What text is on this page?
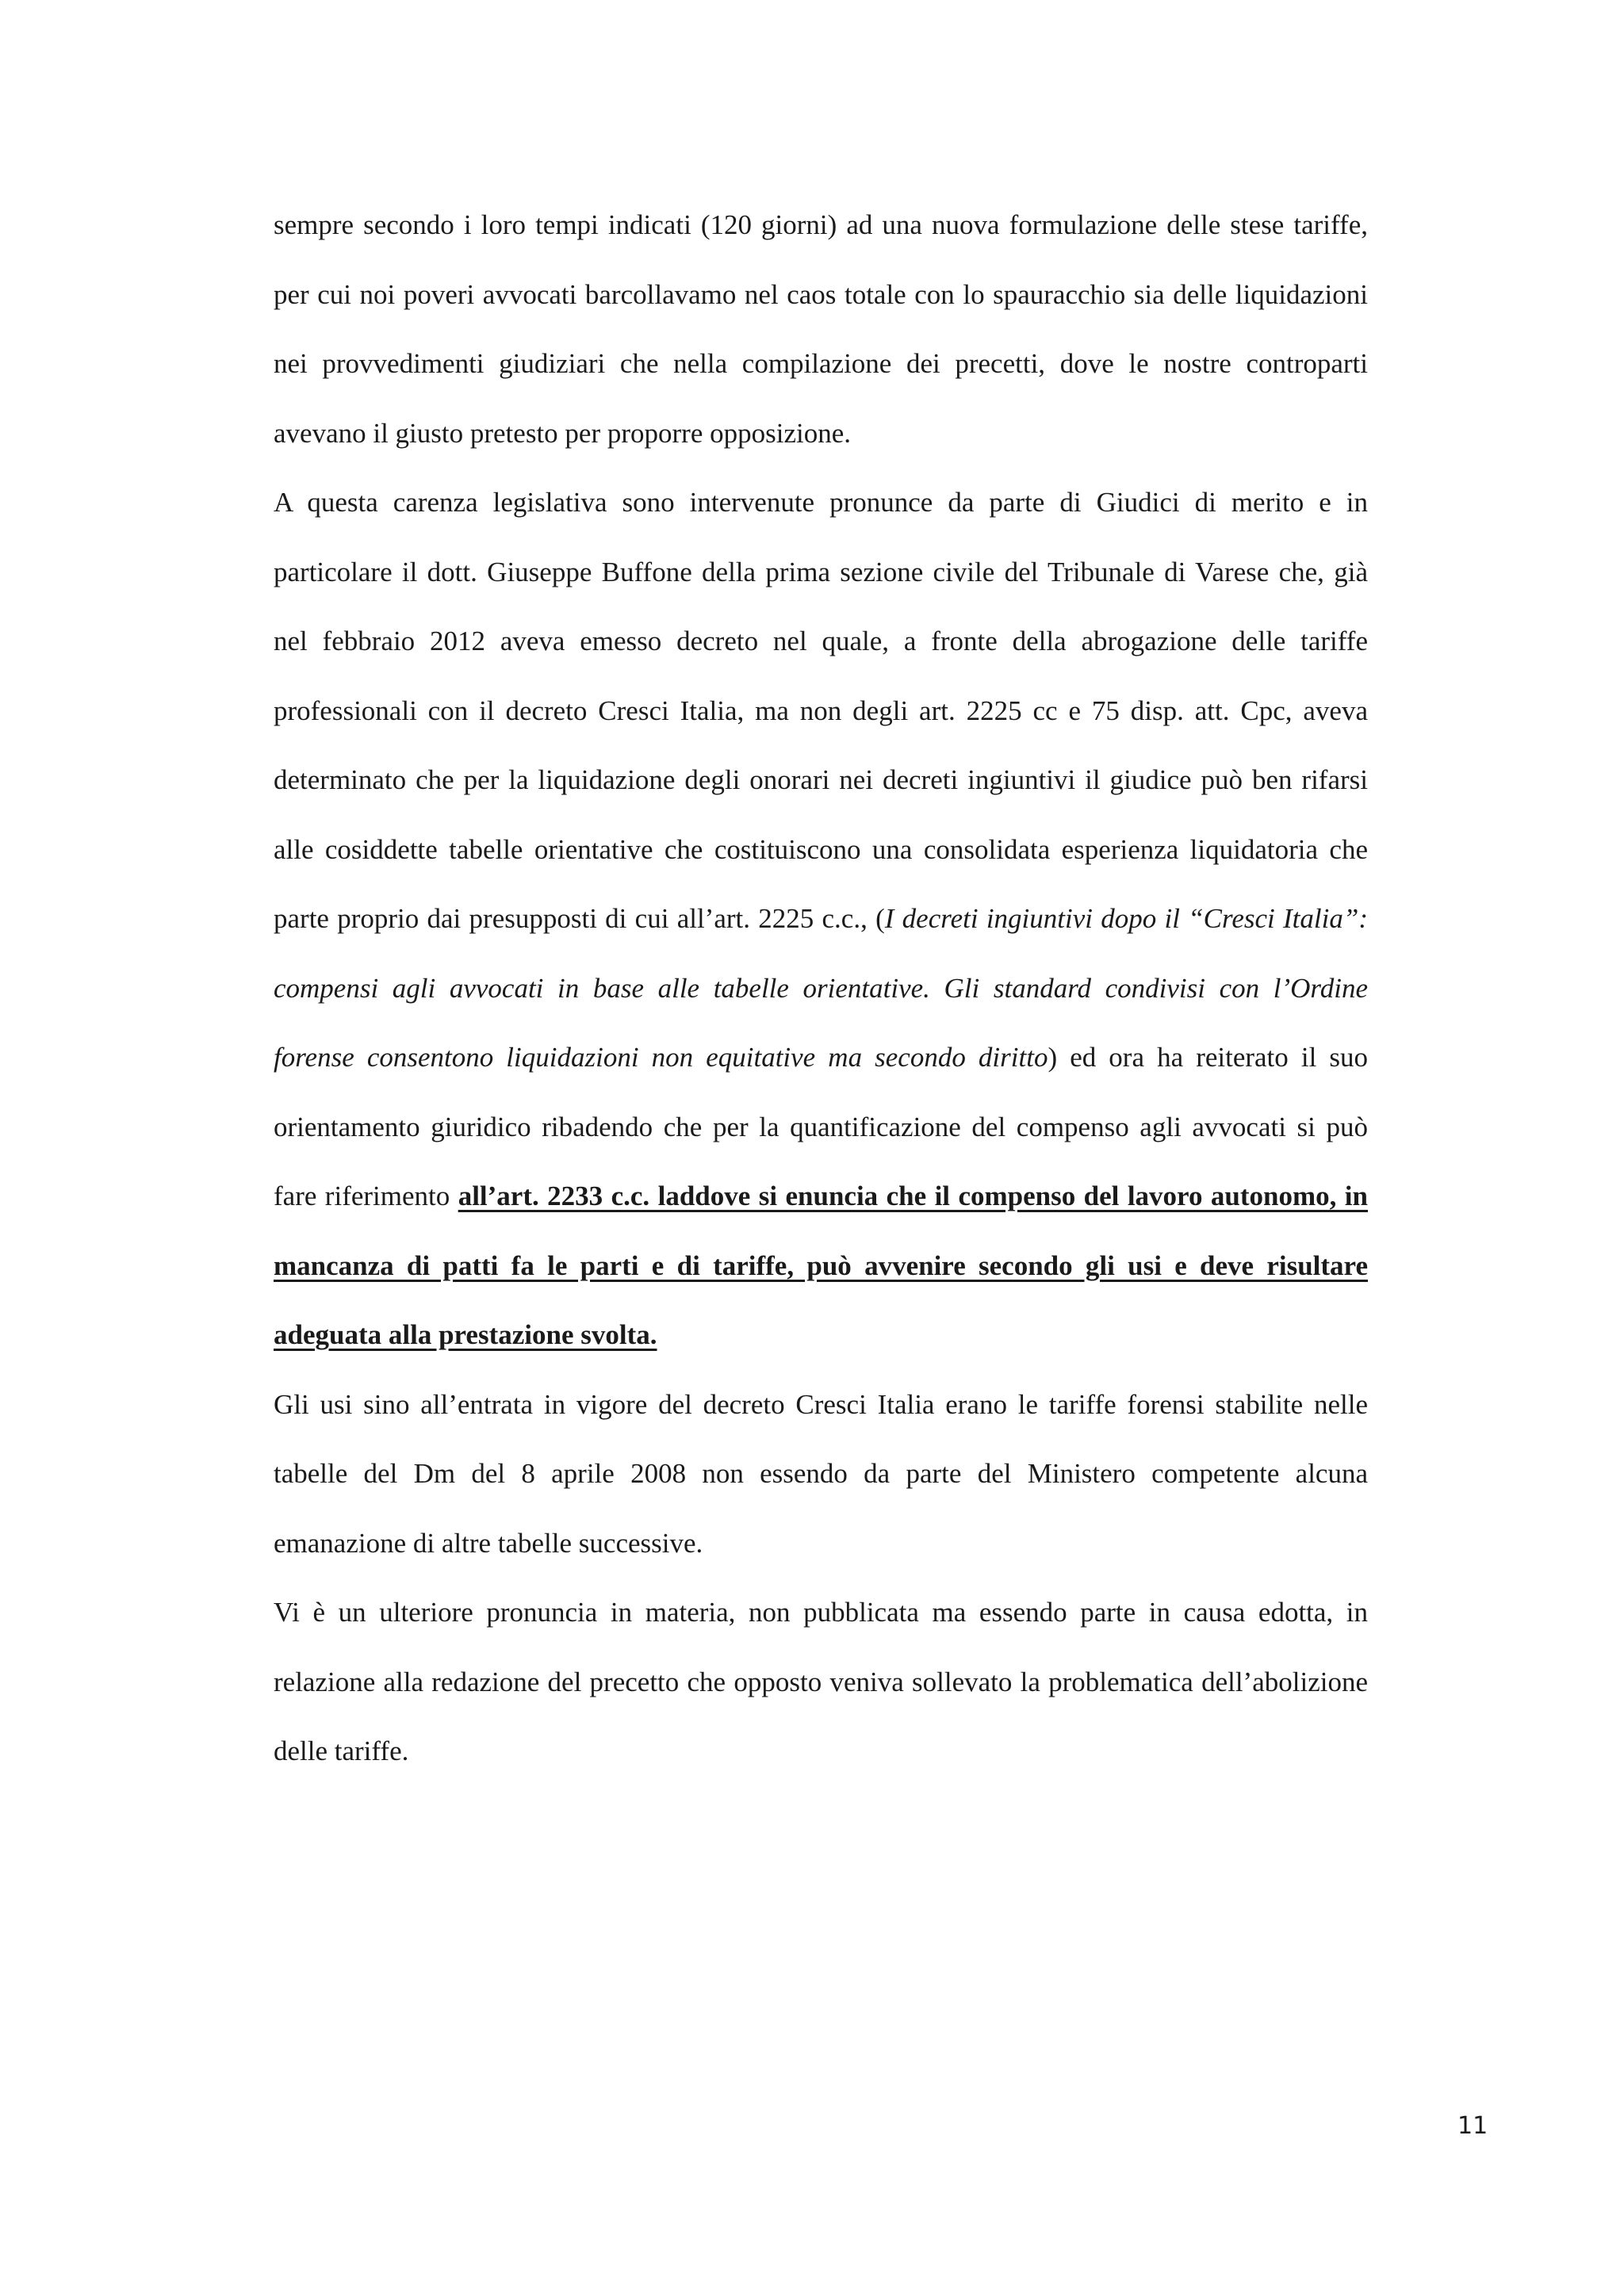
sempre secondo i loro tempi indicati (120 giorni) ad una nuova formulazione delle stese tariffe, per cui noi poveri avvocati barcollavamo nel caos totale con lo spauracchio sia delle liquidazioni nei provvedimenti giudiziari che nella compilazione dei precetti, dove le nostre controparti avevano il giusto pretesto per proporre opposizione.

A questa carenza legislativa sono intervenute pronunce da parte di Giudici di merito e in particolare il dott. Giuseppe Buffone della prima sezione civile del Tribunale di Varese che, già nel febbraio 2012 aveva emesso decreto nel quale, a fronte della abrogazione delle tariffe professionali con il decreto Cresci Italia, ma non degli art. 2225 cc e 75 disp. att. Cpc, aveva determinato che per la liquidazione degli onorari nei decreti ingiuntivi il giudice può ben rifarsi alle cosiddette tabelle orientative che costituiscono una consolidata esperienza liquidatoria che parte proprio dai presupposti di cui all’art. 2225 c.c., (I decreti ingiuntivi dopo il “Cresci Italia”: compensi agli avvocati in base alle tabelle orientative. Gli standard condivisi con l’Ordine forense consentono liquidazioni non equitative ma secondo diritto) ed ora ha reiterato il suo orientamento giuridico ribadendo che per la quantificazione del compenso agli avvocati si può fare riferimento all’art. 2233 c.c. laddove si enuncia che il compenso del lavoro autonomo, in mancanza di patti fa le parti e di tariffe, può avvenire secondo gli usi e deve risultare adeguata alla prestazione svolta.

Gli usi sino all’entrata in vigore del decreto Cresci Italia erano le tariffe forensi stabilite nelle tabelle del Dm del 8 aprile 2008 non essendo da parte del Ministero competente alcuna emanazione di altre tabelle successive.

Vi è un ulteriore pronuncia in materia, non pubblicata ma essendo parte in causa edotta, in relazione alla redazione del precetto che opposto veniva sollevato la problematica dell’abolizione delle tariffe.

11
